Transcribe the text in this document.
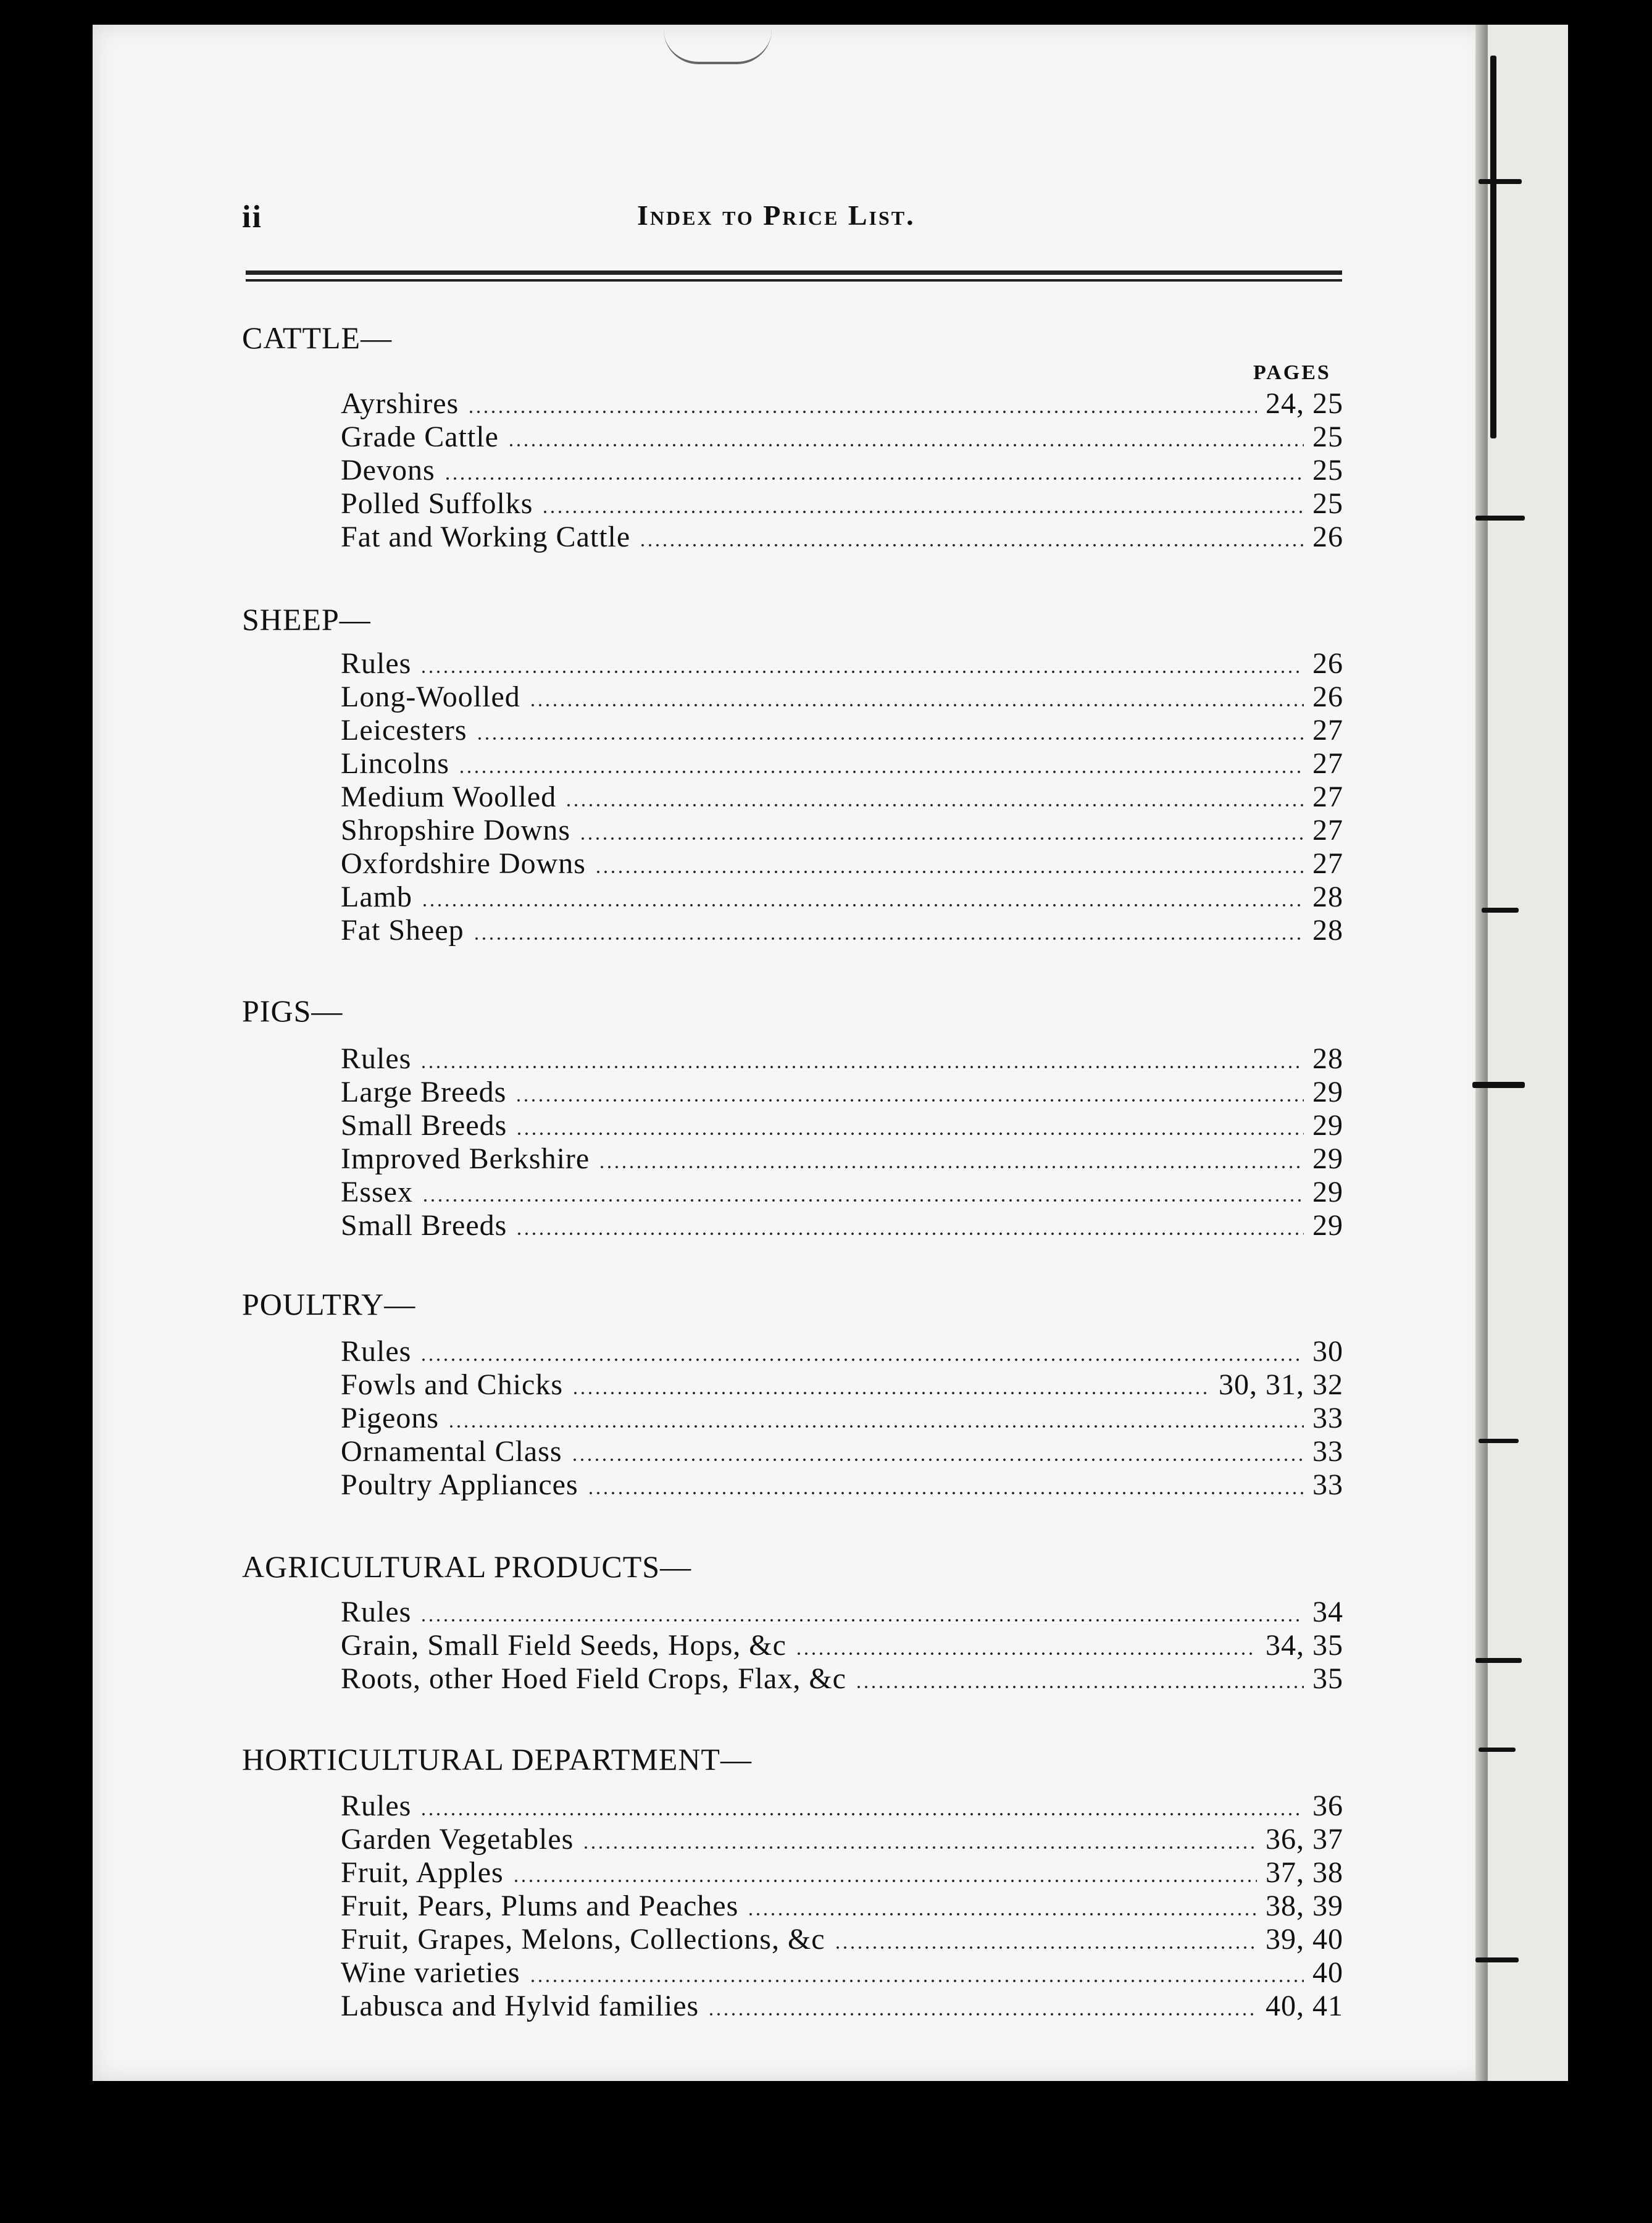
ii	Index to Price List.
PAGES
CATTLE—
Ayrshires	24, 25
Grade Cattle	25
Devons	25
Polled Suffolks	25
Fat and Working Cattle	26
SHEEP—
Rules	26
Long-Woolled	26
Leicesters	27
Lincolns	27
Medium Woolled	27
Shropshire Downs	27
Oxfordshire Downs	27
Lamb	28
Fat Sheep	28
PIGS—
Rules	28
Large Breeds	29
Small Breeds	29
Improved Berkshire	29
Essex	29
Small Breeds	29
POULTRY—
Rules	30
Fowls and Chicks	30, 31, 32
Pigeons	33
Ornamental Class	33
Poultry Appliances	33
AGRICULTURAL PRODUCTS—
Rules	34
Grain, Small Field Seeds, Hops, &c	34, 35
Roots, other Hoed Field Crops, Flax, &c	35
HORTICULTURAL DEPARTMENT—
Rules	36
Garden Vegetables	36, 37
Fruit, Apples	37, 38
Fruit, Pears, Plums and Peaches	38, 39
Fruit, Grapes, Melons, Collections, &c	39, 40
Wine varieties	40
Labusca and Hylvid families	40, 41
